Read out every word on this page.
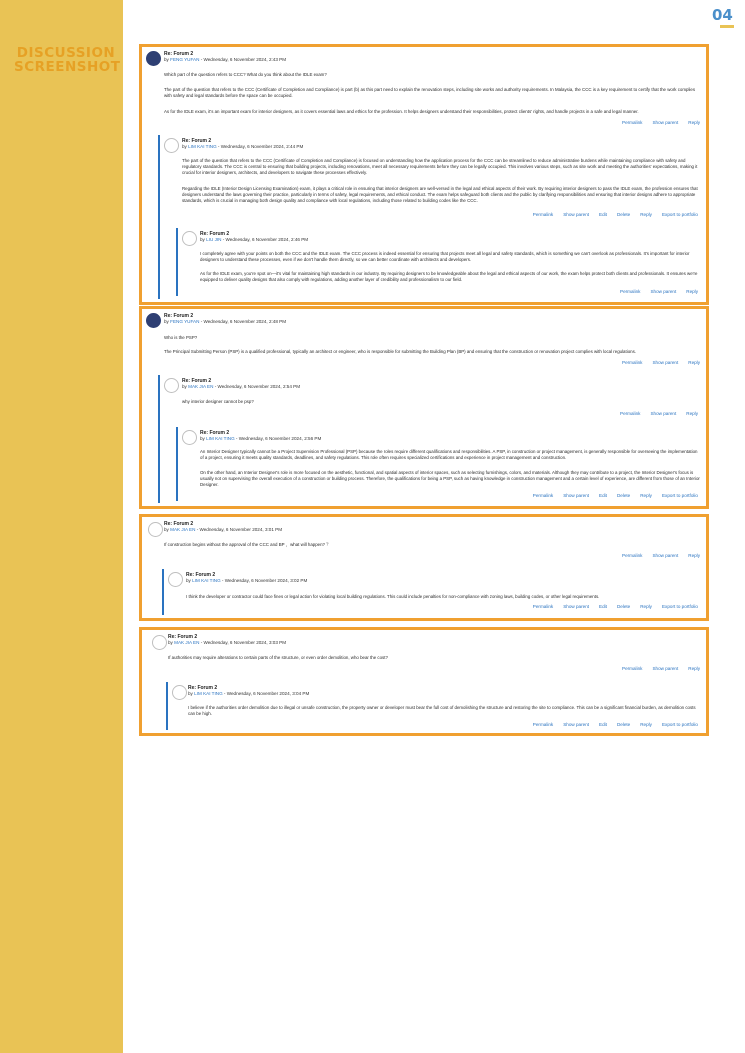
DISCUSSION SCREENSHOT
04
Re: Forum 2
by FENG YUFAN - Wednesday, 6 November 2024, 2:43 PM
Which part of the question refers to CCC? What do you think about the IDLE exam?
The part of the question that refers to the CCC (Certificate of Completion and Compliance) is part (b) as this part need to explain the renovation steps, including site works and authority requirements. In Malaysia, the CCC is a key requirement to certify that the work complies with safety and legal standards before the space can be occupied.
As for the IDLE exam, it's an important exam for interior designers, as it covers essential laws and ethics for the profession. It helps designers understand their responsibilities, protect clients' rights, and handle projects in a safe and legal manner.
Permalink Show parent Reply
Re: Forum 2
by LIM KAI TING - Wednesday, 6 November 2024, 2:44 PM
The part of the question that refers to the CCC (Certificate of Completion and Compliance) is focused on understanding how the application process for the CCC can be streamlined to reduce administrative burdens while maintaining compliance with safety and regulatory standards. The CCC is central to ensuring that building projects, including renovations, meet all necessary requirements before they can be legally occupied. This involves various steps, such as site work and meeting the authorities' expectations, making it crucial for interior designers, architects, and developers to navigate these processes effectively.
Regarding the IDLE (Interior Design Licensing Examination) exam, it plays a critical role in ensuring that interior designers are well-versed in the legal and ethical aspects of their work. By requiring interior designers to pass the IDLE exam, the profession ensures that designers understand the laws governing their practice, particularly in terms of safety, legal requirements, and ethical conduct. The exam helps safeguard both clients and the public by clarifying responsibilities and ensuring that interior designs adhere to appropriate standards, which is crucial in managing both design quality and compliance with local regulations, including those related to building codes like the CCC.
Permalink Show parent Edit Delete Reply Export to portfolio
Re: Forum 2
by LIU JIN - Wednesday, 6 November 2024, 2:46 PM
I completely agree with your points on both the CCC and the IDLE exam. The CCC process is indeed essential for ensuring that projects meet all legal and safety standards, which is something we can't overlook as professionals. It's important for interior designers to understand these processes, even if we don't handle them directly, so we can better coordinate with architects and developers.
As for the IDLE exam, you're spot on—it's vital for maintaining high standards in our industry. By requiring designers to be knowledgeable about the legal and ethical aspects of our work, the exam helps protect both clients and professionals. It ensures we're equipped to deliver quality designs that also comply with regulations, adding another layer of credibility and professionalism to our field.
Permalink Show parent Reply
Re: Forum 2
by FENG YUFAN - Wednesday, 6 November 2024, 2:48 PM
Who is the PSP?
The Principal Submitting Person (PSP) is a qualified professional, typically an architect or engineer, who is responsible for submitting the Building Plan (BP) and ensuring that the construction or renovation project complies with local regulations.
Permalink Show parent Reply
Re: Forum 2
by MAK JIA EN - Wednesday, 6 November 2024, 2:54 PM
why interior designer cannot be psp?
Permalink Show parent Reply
Re: Forum 2
by LIM KAI TING - Wednesday, 6 November 2024, 2:56 PM
An Interior Designer typically cannot be a Project Supervision Professional (PSP) because the roles require different qualifications and responsibilities. A PSP, in construction or project management, is generally responsible for overseeing the implementation of a project, ensuring it meets quality standards, deadlines, and safety regulations. This role often requires specialized certifications and experience in project management and construction.
On the other hand, an Interior Designer's role is more focused on the aesthetic, functional, and spatial aspects of interior spaces, such as selecting furnishings, colors, and materials. Although they may contribute to a project, the Interior Designer's focus is usually not on supervising the overall execution of a construction or building process. Therefore, the qualifications for being a PSP, such as having knowledge in construction management and a certain level of experience, are different from those of an Interior Designer.
Permalink Show parent Edit Delete Reply Export to portfolio
Re: Forum 2
by MAK JIA EN - Wednesday, 6 November 2024, 3:01 PM
If construction begins without the approval of the CCC and BP ，what will happen? ？
Permalink Show parent Reply
Re: Forum 2
by LIM KAI TING - Wednesday, 6 November 2024, 3:02 PM
I think the developer or contractor could face fines or legal action for violating local building regulations. This could include penalties for non-compliance with zoning laws, building codes, or other legal requirements.
Permalink Show parent Edit Delete Reply Export to portfolio
Re: Forum 2
by MAK JIA EN - Wednesday, 6 November 2024, 3:03 PM
If authorities may require alterations to certain parts of the structure, or even order demolition, who bear the cost?
Permalink Show parent Reply
Re: Forum 2
by LIM KAI TING - Wednesday, 6 November 2024, 3:04 PM
I believe if the authorities order demolition due to illegal or unsafe construction, the property owner or developer must bear the full cost of demolishing the structure and restoring the site to compliance. This can be a significant financial burden, as demolition costs can be high.
Permalink Show parent Edit Delete Reply Export to portfolio
